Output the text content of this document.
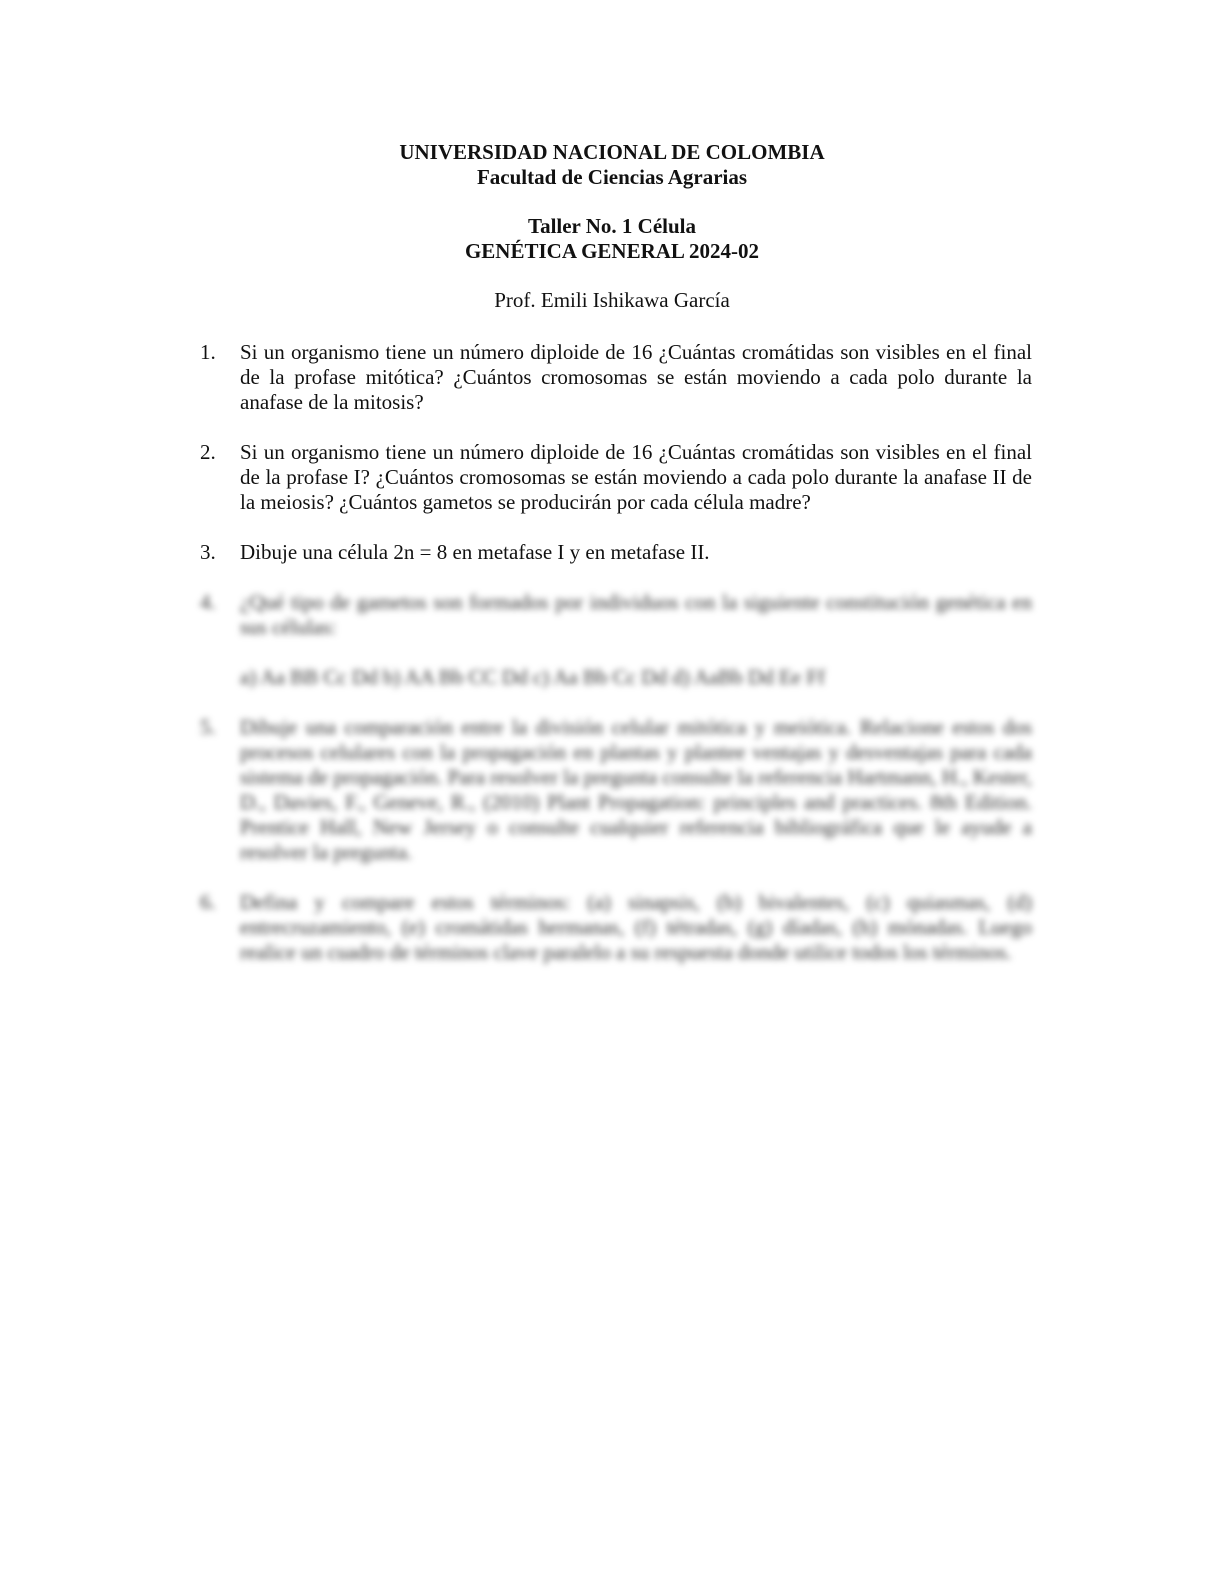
UNIVERSIDAD NACIONAL DE COLOMBIA
Facultad de Ciencias Agrarias
Taller No. 1 Célula
GENÉTICA GENERAL 2024-02
Prof. Emili Ishikawa García
1.	Si un organismo tiene un número diploide de 16 ¿Cuántas cromátidas son visibles en el final de la profase mitótica? ¿Cuántos cromosomas se están moviendo a cada polo durante la anafase de la mitosis?
2.	Si un organismo tiene un número diploide de 16 ¿Cuántas cromátidas son visibles en el final de la profase I? ¿Cuántos cromosomas se están moviendo a cada polo durante la anafase II de la meiosis? ¿Cuántos gametos se producirán por cada célula madre?
3.	Dibuje una célula 2n = 8 en metafase I y en metafase II.
4.	¿Qué tipo de gametos son formados por individuos con la siguiente constitución genética en sus células:
a) Aa BB Cc Dd b) AA Bb CC Dd c) Aa Bb Cc Dd d) AaBb Dd Ee Ff
5.	Dibuje una comparación entre la división celular mitótica y meiótica. Relacione estos dos procesos celulares con la propagación en plantas y plantee ventajas y desventajas para cada sistema de propagación. Para resolver la pregunta consulte la referencia Hartmann, H., Kester, D., Davies, F., Geneve, R., (2010) Plant Propagation: principles and practices. 8th Edition. Prentice Hall, New Jersey o consulte cualquier referencia bibliográfica que le ayude a resolver la pregunta.
6.	Defina y compare estos términos: (a) sinapsis, (b) bivalentes, (c) quiasmas, (d) entrecruzamiento, (e) cromátidas hermanas, (f) tétradas, (g) díadas, (h) mónadas. Luego realice un cuadro de términos clave paralelo a su respuesta donde utilice todos los términos.
